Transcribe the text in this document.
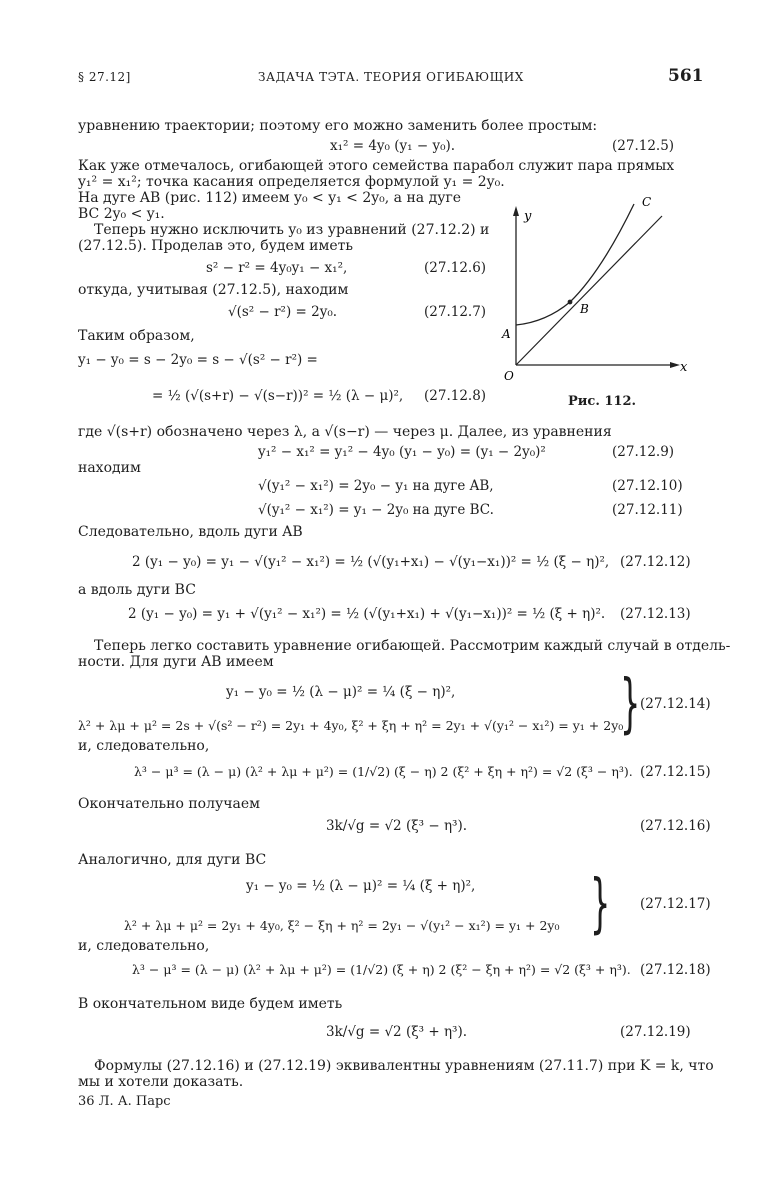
§ 27.12]	ЗАДАЧА ТЭТА. ТЕОРИЯ ОГИБАЮЩИХ	561
уравнению траектории; поэтому его можно заменить более простым:
x₁² = 4y₀ (y₁ − y₀).	(27.12.5)
Как уже отмечалось, огибающей этого семейства парабол служит пара прямых
y₁² = x₁²; точка касания определяется формулой y₁ = 2y₀.
На дуге AB (рис. 112) имеем y₀ < y₁ < 2y₀, а на дуге
BC 2y₀ < y₁.
Теперь нужно исключить y₀ из уравнений (27.12.2) и
(27.12.5). Проделав это, будем иметь
s² − r² = 4y₀y₁ − x₁²,	(27.12.6)
откуда, учитывая (27.12.5), находим
√(s² − r²) = 2y₀.	(27.12.7)
Таким образом,
y₁ − y₀ = s − 2y₀ = s − √(s² − r²) =
= ½ (√(s+r) − √(s−r))² = ½ (λ − μ)², (27.12.8)
где √(s+r) обозначено через λ, а √(s−r) — через μ. Далее, из уравнения
y₁² − x₁² = y₁² − 4y₀ (y₁ − y₀) = (y₁ − 2y₀)²	(27.12.9)
находим
√(y₁² − x₁²) = 2y₀ − y₁ на дуге AB,	(27.12.10)
√(y₁² − x₁²) = y₁ − 2y₀ на дуге BC.	(27.12.11)
Следовательно, вдоль дуги AB
2 (y₁ − y₀) = y₁ − √(y₁² − x₁²) = ½ (√(y₁+x₁) − √(y₁−x₁))² = ½ (ξ − η)², (27.12.12)
а вдоль дуги BC
2 (y₁ − y₀) = y₁ + √(y₁² − x₁²) = ½ (√(y₁+x₁) + √(y₁−x₁))² = ½ (ξ + η)². (27.12.13)
Теперь легко составить уравнение огибающей. Рассмотрим каждый случай в отдель-
ности. Для дуги AB имеем
y₁ − y₀ = ½ (λ − μ)² = ¼ (ξ − η)²,
λ² + λμ + μ² = 2s + √(s² − r²) = 2y₁ + 4y₀, ξ² + ξη + η² = 2y₁ + √(y₁² − x₁²) = y₁ + 2y₀
} (27.12.14)
и, следовательно,
λ³ − μ³ = (λ − μ) (λ² + λμ + μ²) = (1/√2) (ξ − η) 2 (ξ² + ξη + η²) = √2 (ξ³ − η³). (27.12.15)
Окончательно получаем
3k/√g = √2 (ξ³ − η³).	(27.12.16)
Аналогично, для дуги BC
y₁ − y₀ = ½ (λ − μ)² = ¼ (ξ + η)²,
λ² + λμ + μ² = 2y₁ + 4y₀, ξ² − ξη + η² = 2y₁ − √(y₁² − x₁²) = y₁ + 2y₀ } (27.12.17)
и, следовательно,
λ³ − μ³ = (λ − μ) (λ² + λμ + μ²) = (1/√2) (ξ + η) 2 (ξ² − ξη + η²) = √2 (ξ³ + η³). (27.12.18)
В окончательном виде будем иметь
3k/√g = √2 (ξ³ + η³).	(27.12.19)
Формулы (27.12.16) и (27.12.19) эквивалентны уравнениям (27.11.7) при K = k, что
мы и хотели доказать.
36 Л. А. Парс
y
x
O
A
B
C
Рис. 112.
